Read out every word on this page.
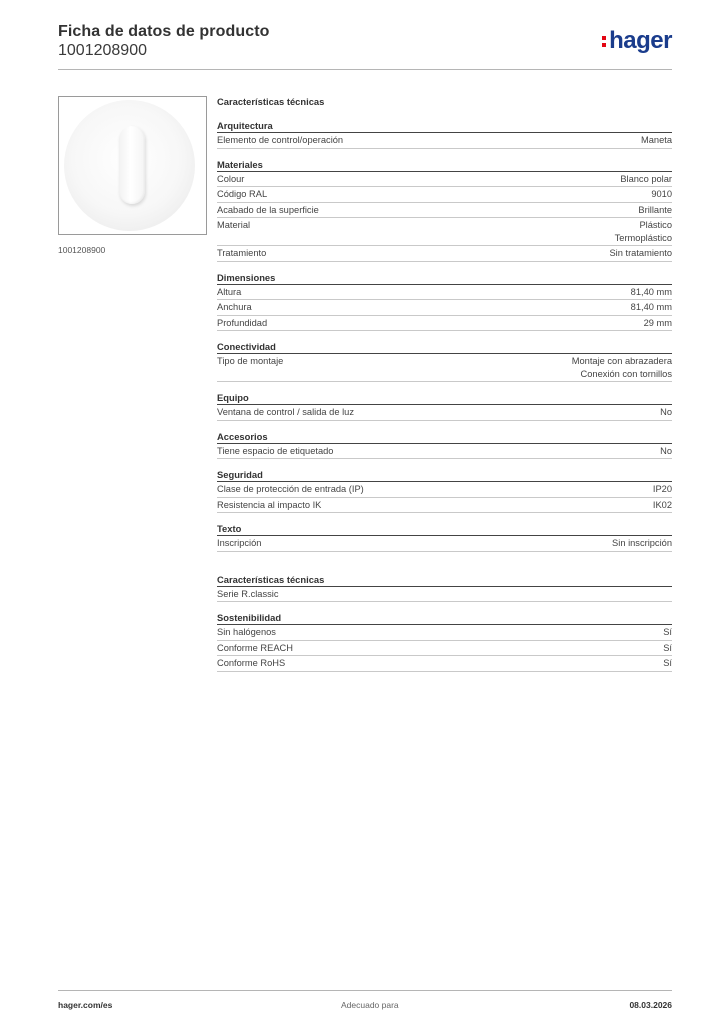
Ficha de datos de producto
1001208900	hager
1001208900
Características técnicas
Arquitectura
Elemento de control/operación	Maneta
Materiales
Colour	Blanco polar
Código RAL	9010
Acabado de la superficie	Brillante
Material	Plástico
Termoplástico
Tratamiento	Sin tratamiento
Dimensiones
Altura	81,40 mm
Anchura	81,40 mm
Profundidad	29 mm
Conectividad
Tipo de montaje	Montaje con abrazadera
Conexión con tornillos
Equipo
Ventana de control / salida de luz	No
Accesorios
Tiene espacio de etiquetado	No
Seguridad
Clase de protección de entrada (IP)	IP20
Resistencia al impacto IK	IK02
Texto
Inscripción	Sin inscripción
Características técnicas
Serie R.classic
Sostenibilidad
Sin halógenos	Sí
Conforme REACH	Sí
Conforme RoHS	Sí
hager.com/es	Adecuado para	08.03.2026
